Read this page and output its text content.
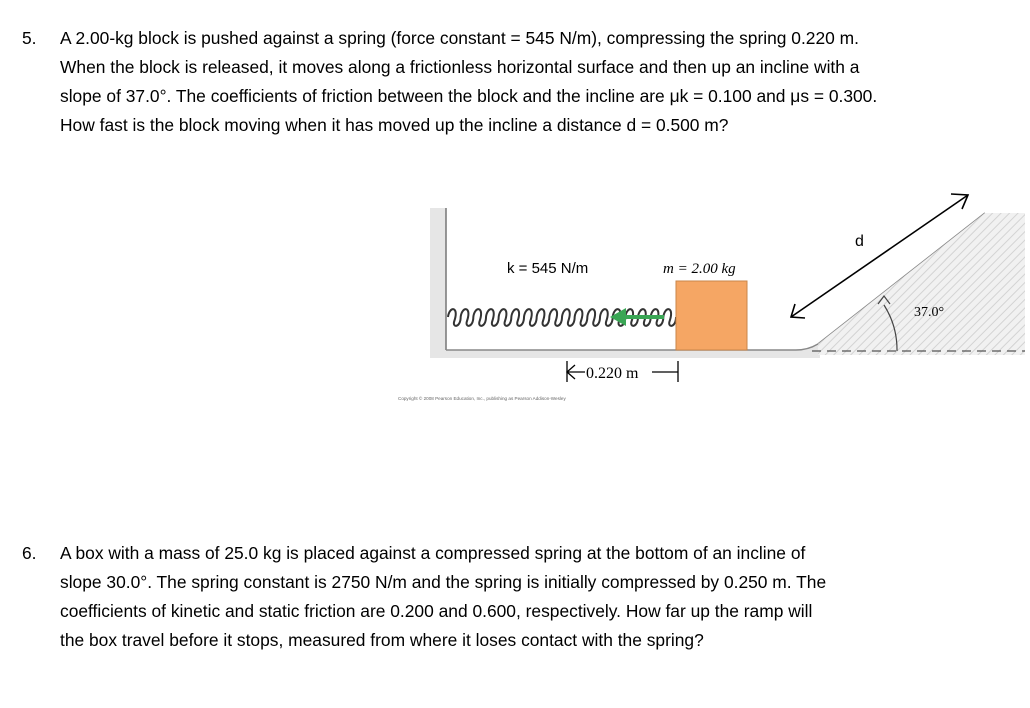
5.	A 2.00-kg block is pushed against a spring (force constant = 545 N/m), compressing the spring 0.220 m.
When the block is released, it moves along a frictionless horizontal surface and then up an incline with a
slope of 37.0°. The coefficients of friction between the block and the incline are μk = 0.100 and μs = 0.300.
How fast is the block moving when it has moved up the incline a distance d = 0.500 m?
37.0°
d
k = 545 N/m	m = 2.00 kg
0.220 m
Copyright © 2008 Pearson Education, Inc., publishing as Pearson Addison-Wesley
6.	A box with a mass of 25.0 kg is placed against a compressed spring at the bottom of an incline of
slope 30.0°. The spring constant is 2750 N/m and the spring is initially compressed by 0.250 m. The
coefficients of kinetic and static friction are 0.200 and 0.600, respectively. How far up the ramp will
the box travel before it stops, measured from where it loses contact with the spring?
